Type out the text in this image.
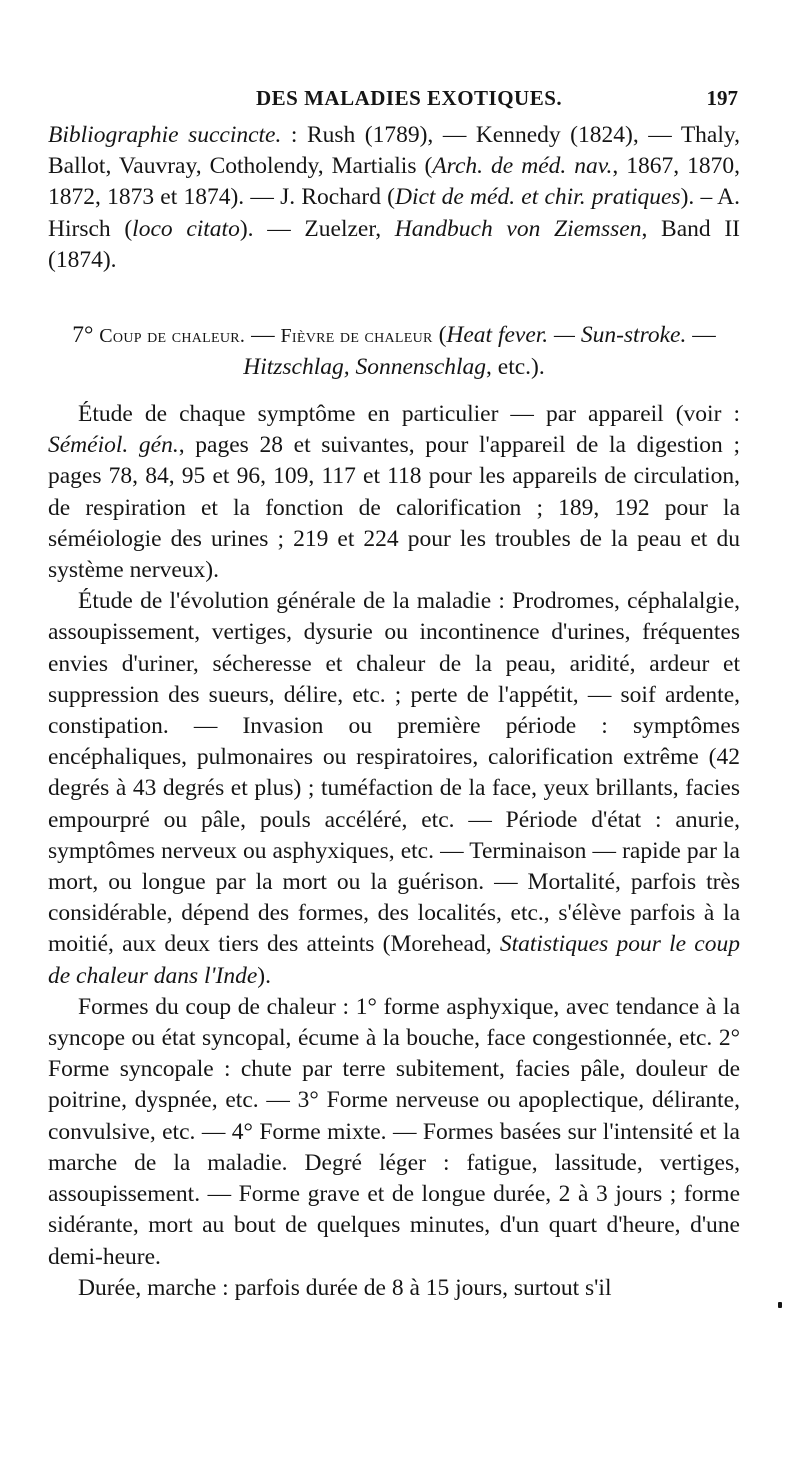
DES MALADIES EXOTIQUES.	197

Bibliographie succincte. : Rush (1789), — Kennedy (1824), — Thaly, Ballot, Vauvray, Cotholendy, Martialis (Arch. de méd. nav., 1867, 1870, 1872, 1873 et 1874). — J. Rochard (Dict de méd. et chir. pratiques). – A. Hirsch (loco citato). — Zuelzer, Handbuch von Ziemssen, Band II (1874).

7° Coup de chaleur. — Fièvre de chaleur (Heat fever. — Sun-stroke. — Hitzschlag, Sonnenschlag, etc.).

Étude de chaque symptôme en particulier — par appareil (voir : Séméiol. gén., pages 28 et suivantes, pour l'appareil de la digestion ; pages 78, 84, 95 et 96, 109, 117 et 118 pour les appareils de circulation, de respiration et la fonction de calorification ; 189, 192 pour la séméiologie des urines ; 219 et 224 pour les troubles de la peau et du système nerveux).

Étude de l'évolution générale de la maladie : Prodromes, céphalalgie, assoupissement, vertiges, dysurie ou incontinence d'urines, fréquentes envies d'uriner, sécheresse et chaleur de la peau, aridité, ardeur et suppression des sueurs, délire, etc. ; perte de l'appétit, — soif ardente, constipation. — Invasion ou première période : symptômes encéphaliques, pulmonaires ou respiratoires, calorification extrême (42 degrés à 43 degrés et plus) ; tuméfaction de la face, yeux brillants, facies empourpré ou pâle, pouls accéléré, etc. — Période d'état : anurie, symptômes nerveux ou asphyxiques, etc. — Terminaison — rapide par la mort, ou longue par la mort ou la guérison. — Mortalité, parfois très considérable, dépend des formes, des localités, etc., s'élève parfois à la moitié, aux deux tiers des atteints (Morehead, Statistiques pour le coup de chaleur dans l'Inde).

Formes du coup de chaleur : 1° forme asphyxique, avec tendance à la syncope ou état syncopal, écume à la bouche, face congestionnée, etc. 2° Forme syncopale : chute par terre subitement, facies pâle, douleur de poitrine, dyspnée, etc. — 3° Forme nerveuse ou apoplectique, délirante, convulsive, etc. — 4° Forme mixte. — Formes basées sur l'intensité et la marche de la maladie. Degré léger : fatigue, lassitude, vertiges, assoupissement. — Forme grave et de longue durée, 2 à 3 jours ; forme sidérante, mort au bout de quelques minutes, d'un quart d'heure, d'une demi-heure.

Durée, marche : parfois durée de 8 à 15 jours, surtout s'il
